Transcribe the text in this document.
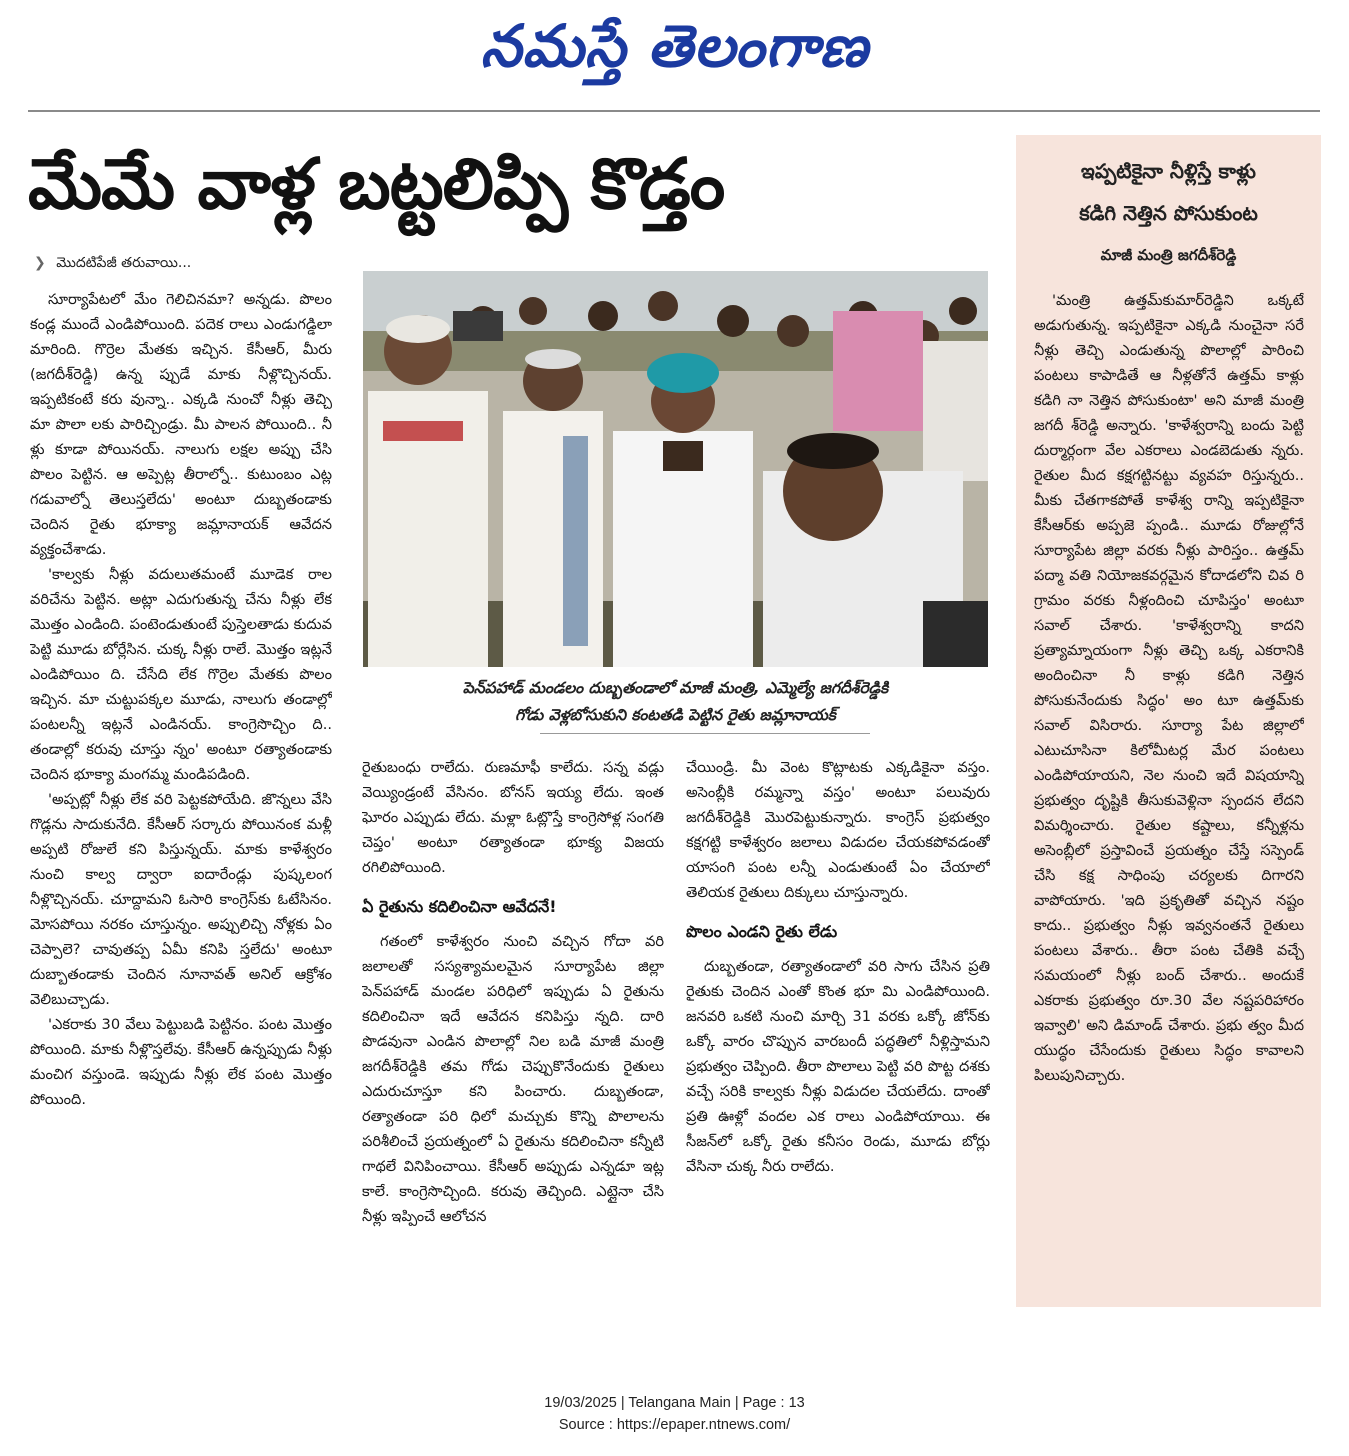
నమస్తే తెలంగాణ
మేమే వాళ్ల బట్టలిప్పి కొడ్తం
❯ మొదటిపేజీ తరువాయి...

సూర్యాపేటలో మేం గెలిచినమా? అన్నడు. పొలం కండ్ల ముందే ఎండిపోయింది. పదెక రాలు ఎండుగడ్డిలా మారింది. గొర్రెల మేతకు ఇచ్చిన. కేసీఆర్, మీరు (జగదీశ్‌రెడ్డి) ఉన్న ప్పుడే మాకు నీళ్లొచ్చినయ్. ఇప్పటికంటే కరు వున్నా.. ఎక్కడి నుంచో నీళ్లు తెచ్చి మా పొలా లకు పారిచ్చిండ్రు. మీ పాలన పోయింది.. నీ ళ్లు కూడా పోయినయ్. నాలుగు లక్షల అప్పు చేసి పొలం పెట్టిన. ఆ అప్పెట్ల తీరాల్నో.. కుటుంబం ఎట్ల గడువాల్నో తెలుస్తలేదు' అంటూ దుబ్బతండాకు చెందిన రైతు భూక్యా జమ్లానాయక్ ఆవేదన వ్యక్తంచేశాడు.

'కాల్వకు నీళ్లు వదులుతమంటే మూడెక రాల వరిచేను పెట్టిన. అట్లా ఎదుగుతున్న చేను నీళ్లు లేక మొత్తం ఎండింది. పంటెండుతుంటే పుస్తెలతాడు కుదువ పెట్టి మూడు బోర్లేసిన. చుక్క నీళ్లు రాలే. మొత్తం ఇట్లనే ఎండిపోయిం ది. చేసేది లేక గొర్రెల మేతకు పొలం ఇచ్చిన. మా చుట్టుపక్కల మూడు, నాలుగు తండాల్లో పంటలన్నీ ఇట్లనే ఎండినయ్. కాంగ్రెసొచ్చిం ది.. తండాల్లో కరువు చూస్తు న్నం' అంటూ రత్యాతండాకు చెందిన భూక్యా మంగమ్మ మండిపడింది.

'అప్పట్లో నీళ్లు లేక వరి పెట్టకపోయేది. జొన్నలు వేసి గొడ్లను సాదుకునేది. కేసీఆర్ సర్కారు పోయినంక మళ్లీ అప్పటి రోజులే కని పిస్తున్నయ్. మాకు కాళేశ్వరం నుంచి కాల్వ ద్వారా ఐదారేండ్లు పుష్కలంగ నీళ్లొచ్చినయ్. చూద్దామని ఓసారి కాంగ్రెస్‌కు ఓటేసినం. మోసపోయి నరకం చూస్తున్నం. అప్పులిచ్చి నోళ్లకు ఏం చెప్పాలె? చావుతప్ప ఏమీ కనిపి స్తలేదు' అంటూ దుబ్బాతండాకు చెందిన నూనావత్ అనిల్ ఆక్రోశం వెలిబుచ్చాడు.

'ఎకరాకు 30 వేలు పెట్టుబడి పెట్టినం. పంట మొత్తం పోయింది. మాకు నీళ్లొస్తలేవు. కేసీఆర్ ఉన్నప్పుడు నీళ్లు మంచిగ వస్తుండె. ఇప్పుడు నీళ్లు లేక పంట మొత్తం పోయింది.

పెన్‌పహాడ్ మండలం దుబ్బతండాలో మాజీ మంత్రి, ఎమ్మెల్యే జగదీశ్‌రెడ్డికి
గోడు వెళ్లబోసుకుని కంటతడి పెట్టిన రైతు జమ్లానాయక్

రైతుబంధు రాలేదు. రుణమాఫీ కాలేదు. సన్న వడ్లు వెయ్యిండ్రంటే వేసినం. బోనస్ ఇయ్య లేదు. ఇంత ఘోరం ఎప్పుడు లేదు. మళ్లా ఓట్లొస్తే కాంగ్రెసోళ్ల సంగతి చెప్తం' అంటూ రత్యాతండా భూక్య విజయ రగిలిపోయింది.

ఏ రైతును కదిలించినా ఆవేదనే!

గతంలో కాళేశ్వరం నుంచి వచ్చిన గోదా వరి జలాలతో సస్యశ్యామలమైన సూర్యాపేట జిల్లా పెన్‌పహాడ్ మండల పరిధిలో ఇప్పుడు ఏ రైతును కదిలించినా ఇదే ఆవేదన కనిపిస్తు న్నది. దారి పొడవునా ఎండిన పొలాల్లో నిల బడి మాజీ మంత్రి జగదీశ్‌రెడ్డికి తమ గోడు చెప్పుకొనేందుకు రైతులు ఎదురుచూస్తూ కని పించారు. దుబ్బతండా, రత్యాతండా పరి ధిలో మచ్చుకు కొన్ని పొలాలను పరిశీలించే ప్రయత్నంలో ఏ రైతును కదిలించినా కన్నీటి గాథలే వినిపించాయి. కేసీఆర్ అప్పుడు ఎన్నడూ ఇట్ల కాలే. కాంగ్రెసొచ్చింది. కరువు తెచ్చింది. ఎట్లైనా చేసి నీళ్లు ఇప్పించే ఆలోచన

చేయిండ్రి. మీ వెంట కొట్లాటకు ఎక్కడికైనా వస్తం. అసెంబ్లీకి రమ్మన్నా వస్తం' అంటూ పలువురు జగదీశ్‌రెడ్డికి మొరపెట్టుకున్నారు. కాంగ్రెస్ ప్రభుత్వం కక్షగట్టి కాళేశ్వరం జలాలు విడుదల చేయకపోవడంతో యాసంగి పంట లన్నీ ఎండుతుంటే ఏం చేయాలో తెలియక రైతులు దిక్కులు చూస్తున్నారు.

పొలం ఎండని రైతు లేడు

దుబ్బతండా, రత్యాతండాలో వరి సాగు చేసిన ప్రతి రైతుకు చెందిన ఎంతో కొంత భూ మి ఎండిపోయింది. జనవరి ఒకటి నుంచి మార్చి 31 వరకు ఒక్కో జోన్‌కు ఒక్కో వారం చొప్పున వారబందీ పద్ధతిలో నీళ్లిస్తామని ప్రభుత్వం చెప్పింది. తీరా పొలాలు పెట్టి వరి పొట్ట దశకు వచ్చే సరికి కాల్వకు నీళ్లు విడుదల చేయలేదు. దాంతో ప్రతి ఊళ్లో వందల ఎక రాలు ఎండిపోయాయి. ఈ సీజన్‌లో ఒక్కో రైతు కనీసం రెండు, మూడు బోర్లు వేసినా చుక్క నీరు రాలేదు.

ఇప్పటికైనా నీళ్లిస్తే కాళ్లు
కడిగి నెత్తిన పోసుకుంట
మాజీ మంత్రి జగదీశ్‌రెడ్డి

'మంత్రి ఉత్తమ్‌కుమార్‌రెడ్డిని ఒక్కటే అడుగుతున్న. ఇప్పటికైనా ఎక్కడి నుంచైనా సరే నీళ్లు తెచ్చి ఎండుతున్న పొలాల్లో పారించి పంటలు కాపాడితే ఆ నీళ్లతోనే ఉత్తమ్ కాళ్లు కడిగి నా నెత్తిన పోసుకుంటా' అని మాజీ మంత్రి జగదీ శ్‌రెడ్డి అన్నారు. 'కాళేశ్వరాన్ని బందు పెట్టి దుర్మార్గంగా వేల ఎకరాలు ఎండబెడుతు న్నరు. రైతుల మీద కక్షగట్టినట్టు వ్యవహ రిస్తున్నరు.. మీకు చేతగాకపోతే కాళేశ్వ రాన్ని ఇప్పటికైనా కేసీఆర్‌కు అప్పజె ప్పండి.. మూడు రోజుల్లోనే సూర్యాపేట జిల్లా వరకు నీళ్లు పారిస్తం.. ఉత్తమ్ పద్మా వతి నియోజకవర్గమైన కోదాడలోని చివ రి గ్రామం వరకు నీళ్లందించి చూపిస్తం' అంటూ సవాల్ చేశారు. 'కాళేశ్వరాన్ని కాదని ప్రత్యామ్నాయంగా నీళ్లు తెచ్చి ఒక్క ఎకరానికి అందించినా నీ కాళ్లు కడిగి నెత్తిన పోసుకునేందుకు సిద్ధం' అం టూ ఉత్తమ్‌కు సవాల్ విసిరారు. సూర్యా పేట జిల్లాలో ఎటుచూసినా కిలోమీటర్ల మేర పంటలు ఎండిపోయాయని, నెల నుంచి ఇదే విషయాన్ని ప్రభుత్వం దృష్టికి తీసుకువెళ్లినా స్పందన లేదని విమర్శించారు. రైతుల కష్టాలు, కన్నీళ్లను అసెంబ్లీలో ప్రస్తావించే ప్రయత్నం చేస్తే సస్పెండ్ చేసి కక్ష సాధింపు చర్యలకు దిగారని వాపోయారు. 'ఇది ప్రకృతితో వచ్చిన నష్టం కాదు.. ప్రభుత్వం నీళ్లు ఇవ్వనంతనే రైతులు పంటలు వేశారు.. తీరా పంట చేతికి వచ్చే సమయంలో నీళ్లు బంద్ చేశారు.. అందుకే ఎకరాకు ప్రభుత్వం రూ.30 వేల నష్టపరిహారం ఇవ్వాలి' అని డిమాండ్ చేశారు. ప్రభు త్వం మీద యుద్ధం చేసేందుకు రైతులు సిద్ధం కావాలని పిలుపునిచ్చారు.

19/03/2025 | Telangana Main | Page : 13
Source : https://epaper.ntnews.com/
